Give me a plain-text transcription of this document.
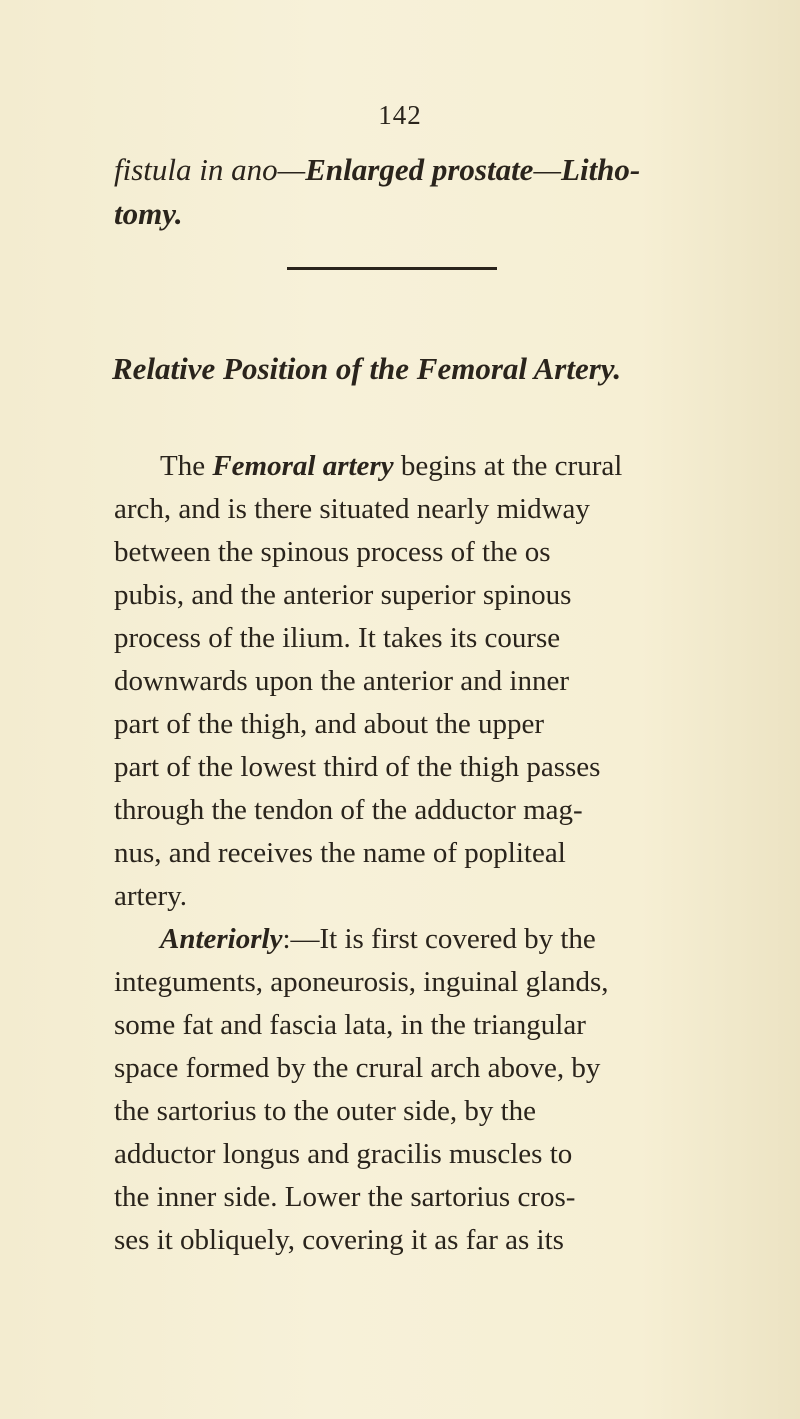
142
fistula in ano—Enlarged prostate—Litho-
tomy.
Relative Position of the Femoral Artery.
The Femoral artery begins at the crural
arch, and is there situated nearly midway
between the spinous process of the os
pubis, and the anterior superior spinous
process of the ilium. It takes its course
downwards upon the anterior and inner
part of the thigh, and about the upper
part of the lowest third of the thigh passes
through the tendon of the adductor mag-
nus, and receives the name of popliteal
artery.
Anteriorly:—It is first covered by the
integuments, aponeurosis, inguinal glands,
some fat and fascia lata, in the triangular
space formed by the crural arch above, by
the sartorius to the outer side, by the
adductor longus and gracilis muscles to
the inner side. Lower the sartorius cros-
ses it obliquely, covering it as far as its
